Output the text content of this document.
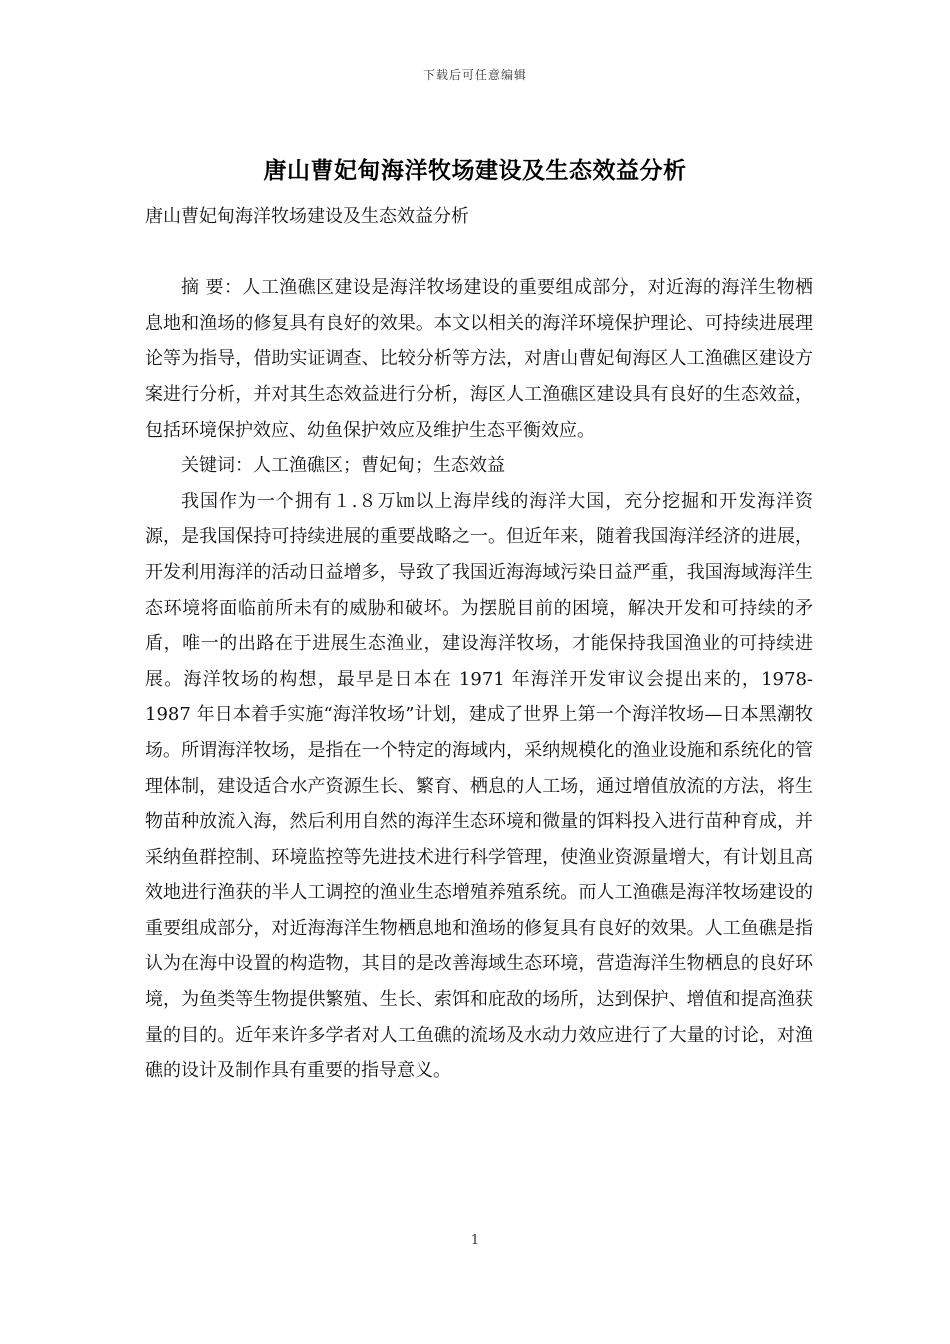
下载后可任意编辑
唐山曹妃甸海洋牧场建设及生态效益分析

唐山曹妃甸海洋牧场建设及生态效益分析

摘 要：人工渔礁区建设是海洋牧场建设的重要组成部分，对近海的海洋生物栖息地和渔场的修复具有良好的效果。本文以相关的海洋环境保护理论、可持续进展理论等为指导，借助实证调查、比较分析等方法，对唐山曹妃甸海区人工渔礁区建设方案进行分析，并对其生态效益进行分析，海区人工渔礁区建设具有良好的生态效益，包括环境保护效应、幼鱼保护效应及维护生态平衡效应。

关键词：人工渔礁区；曹妃甸；生态效益

我国作为一个拥有１.８万㎞以上海岸线的海洋大国，充分挖掘和开发海洋资源，是我国保持可持续进展的重要战略之一。但近年来，随着我国海洋经济的进展，开发利用海洋的活动日益增多，导致了我国近海海域污染日益严重，我国海域海洋生态环境将面临前所未有的威胁和破坏。为摆脱目前的困境，解决开发和可持续的矛盾，唯一的出路在于进展生态渔业，建设海洋牧场，才能保持我国渔业的可持续进展。海洋牧场的构想，最早是日本在 1971 年海洋开发审议会提出来的，1978-1987 年日本着手实施“海洋牧场”计划，建成了世界上第一个海洋牧场—日本黑潮牧场。所谓海洋牧场，是指在一个特定的海域内，采纳规模化的渔业设施和系统化的管理体制，建设适合水产资源生长、繁育、栖息的人工场，通过增值放流的方法，将生物苗种放流入海，然后利用自然的海洋生态环境和微量的饵料投入进行苗种育成，并采纳鱼群控制、环境监控等先进技术进行科学管理，使渔业资源量增大，有计划且高效地进行渔获的半人工调控的渔业生态增殖养殖系统。而人工渔礁是海洋牧场建设的重要组成部分，对近海海洋生物栖息地和渔场的修复具有良好的效果。人工鱼礁是指认为在海中设置的构造物，其目的是改善海域生态环境，营造海洋生物栖息的良好环境，为鱼类等生物提供繁殖、生长、索饵和庇敌的场所，达到保护、增值和提高渔获量的目的。近年来许多学者对人工鱼礁的流场及水动力效应进行了大量的讨论，对渔礁的设计及制作具有重要的指导意义。

1
